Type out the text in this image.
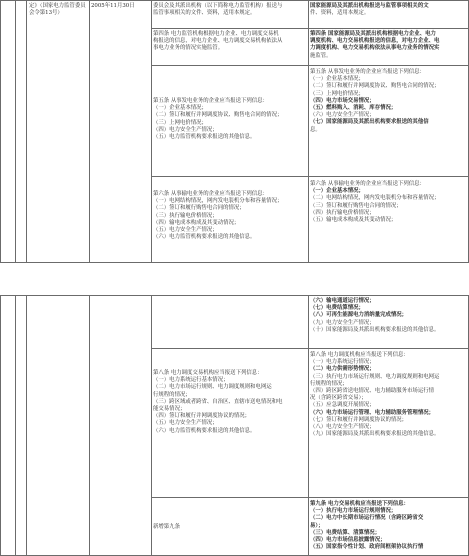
定》（国家电力监管委员
会令第13号）
2005年11月30日	委员会及其派出机构（以下简称电力监管机构）报送与
监管事项相关的文件、资料，适用本规定。
国家能源局及其派出机构报送与监管事项相关的文
件、资料，适用本规定。
第四条 电力监管机构根据电力企业、电力调度交易机
构报送的信息，对电力企业、电力调度交易机构依法从
事电力业务的情况实施监管。
第四条 国家能源局及其派出机构根据电力企业、电力
调度机构、电力交易机构报送的信息，对电力企业、电
力调度机构、电力交易机构依法从事电力业务的情况实
施监管。
第五条 从事发电业务的企业应当报送下列信息：
（一）企业基本情况；
（二）签订和履行并网调度协议、购售电合同的情况；
（三）上网电价情况；
（四）电力安全生产情况；
（五）电力监管机构要求报送的其他信息。
第五条 从事发电业务的企业应当报送下列信息：
（一）企业基本情况；
（二）签订和履行并网调度协议、购售电合同的情况；
（三）上网电价情况；
（四）电力市场交易情况；
（五）燃料购入、消耗、库存情况；
（六）电力安全生产情况；
（七）国家能源局及其派出机构要求报送的其他信
息。
第六条 从事输电业务的企业应当报送下列信息：
（一）电网结构情况，网内发电装机分布和容量情况；
（二）签订和履行购售电合同的情况；
（三）执行输电价格情况；
（四）输电成本构成及其变动情况；
（五）电力安全生产情况；
（六）电力监管机构要求报送的其他信息。
第六条 从事输电业务的企业应当报送下列信息：
（一）企业基本情况；
（二）电网结构情况，网内发电装机分布和容量情况；
（三）签订和履行购售电合同的情况；
（四）执行输电价格情况；
（五）输电成本构成及其变动情况；
（六）输电通道运行情况；
（七）电费结算情况；
（八）可再生能源电力消纳量完成情况；
（九）电力安全生产情况；
（十）国家能源局及其派出机构要求报送的其他信息。
第八条 电力调度交易机构应当报送下列信息：
（一）电力系统运行基本情况；
（二）电力市场运行规则、电力调度规则和电网运
行规程的情况；
（三）跨区域或者跨省、自治区、直辖市送电情况和电
能交易情况；
（四）签订和履行并网调度协议的情况；
（五）电力安全生产情况；
（六）电力监管机构要求报送的其他信息。
第八条 电力调度机构应当报送下列信息：
（一）电力系统运行情况；
（二）电力供需形势情况；
（三）执行电力市场运行规则、电力调度规则和电网运
行规程的情况；
（四）跨区跨省送电情况、电力辅助服务市场运行情
况（含跨区跨省交易）；
（五）应急调度开展情况；
（六）电力市场运行管理、电力辅助服务管理情况；
（七）签订和履行并网调度协议的情况；
（八）电力安全生产情况；
（九）国家能源局及其派出机构要求报送的其他信息。
新增第九条
第九条 电力交易机构应当报送下列信息：
（一）执行电力市场运行规则情况；
（二）电力中长期市场运行情况（含跨区跨省交
易）；
（三）电费结算、清算情况；
（四）电力市场信息披露情况；
（五）国家指令性计划、政府间框架协议执行情
